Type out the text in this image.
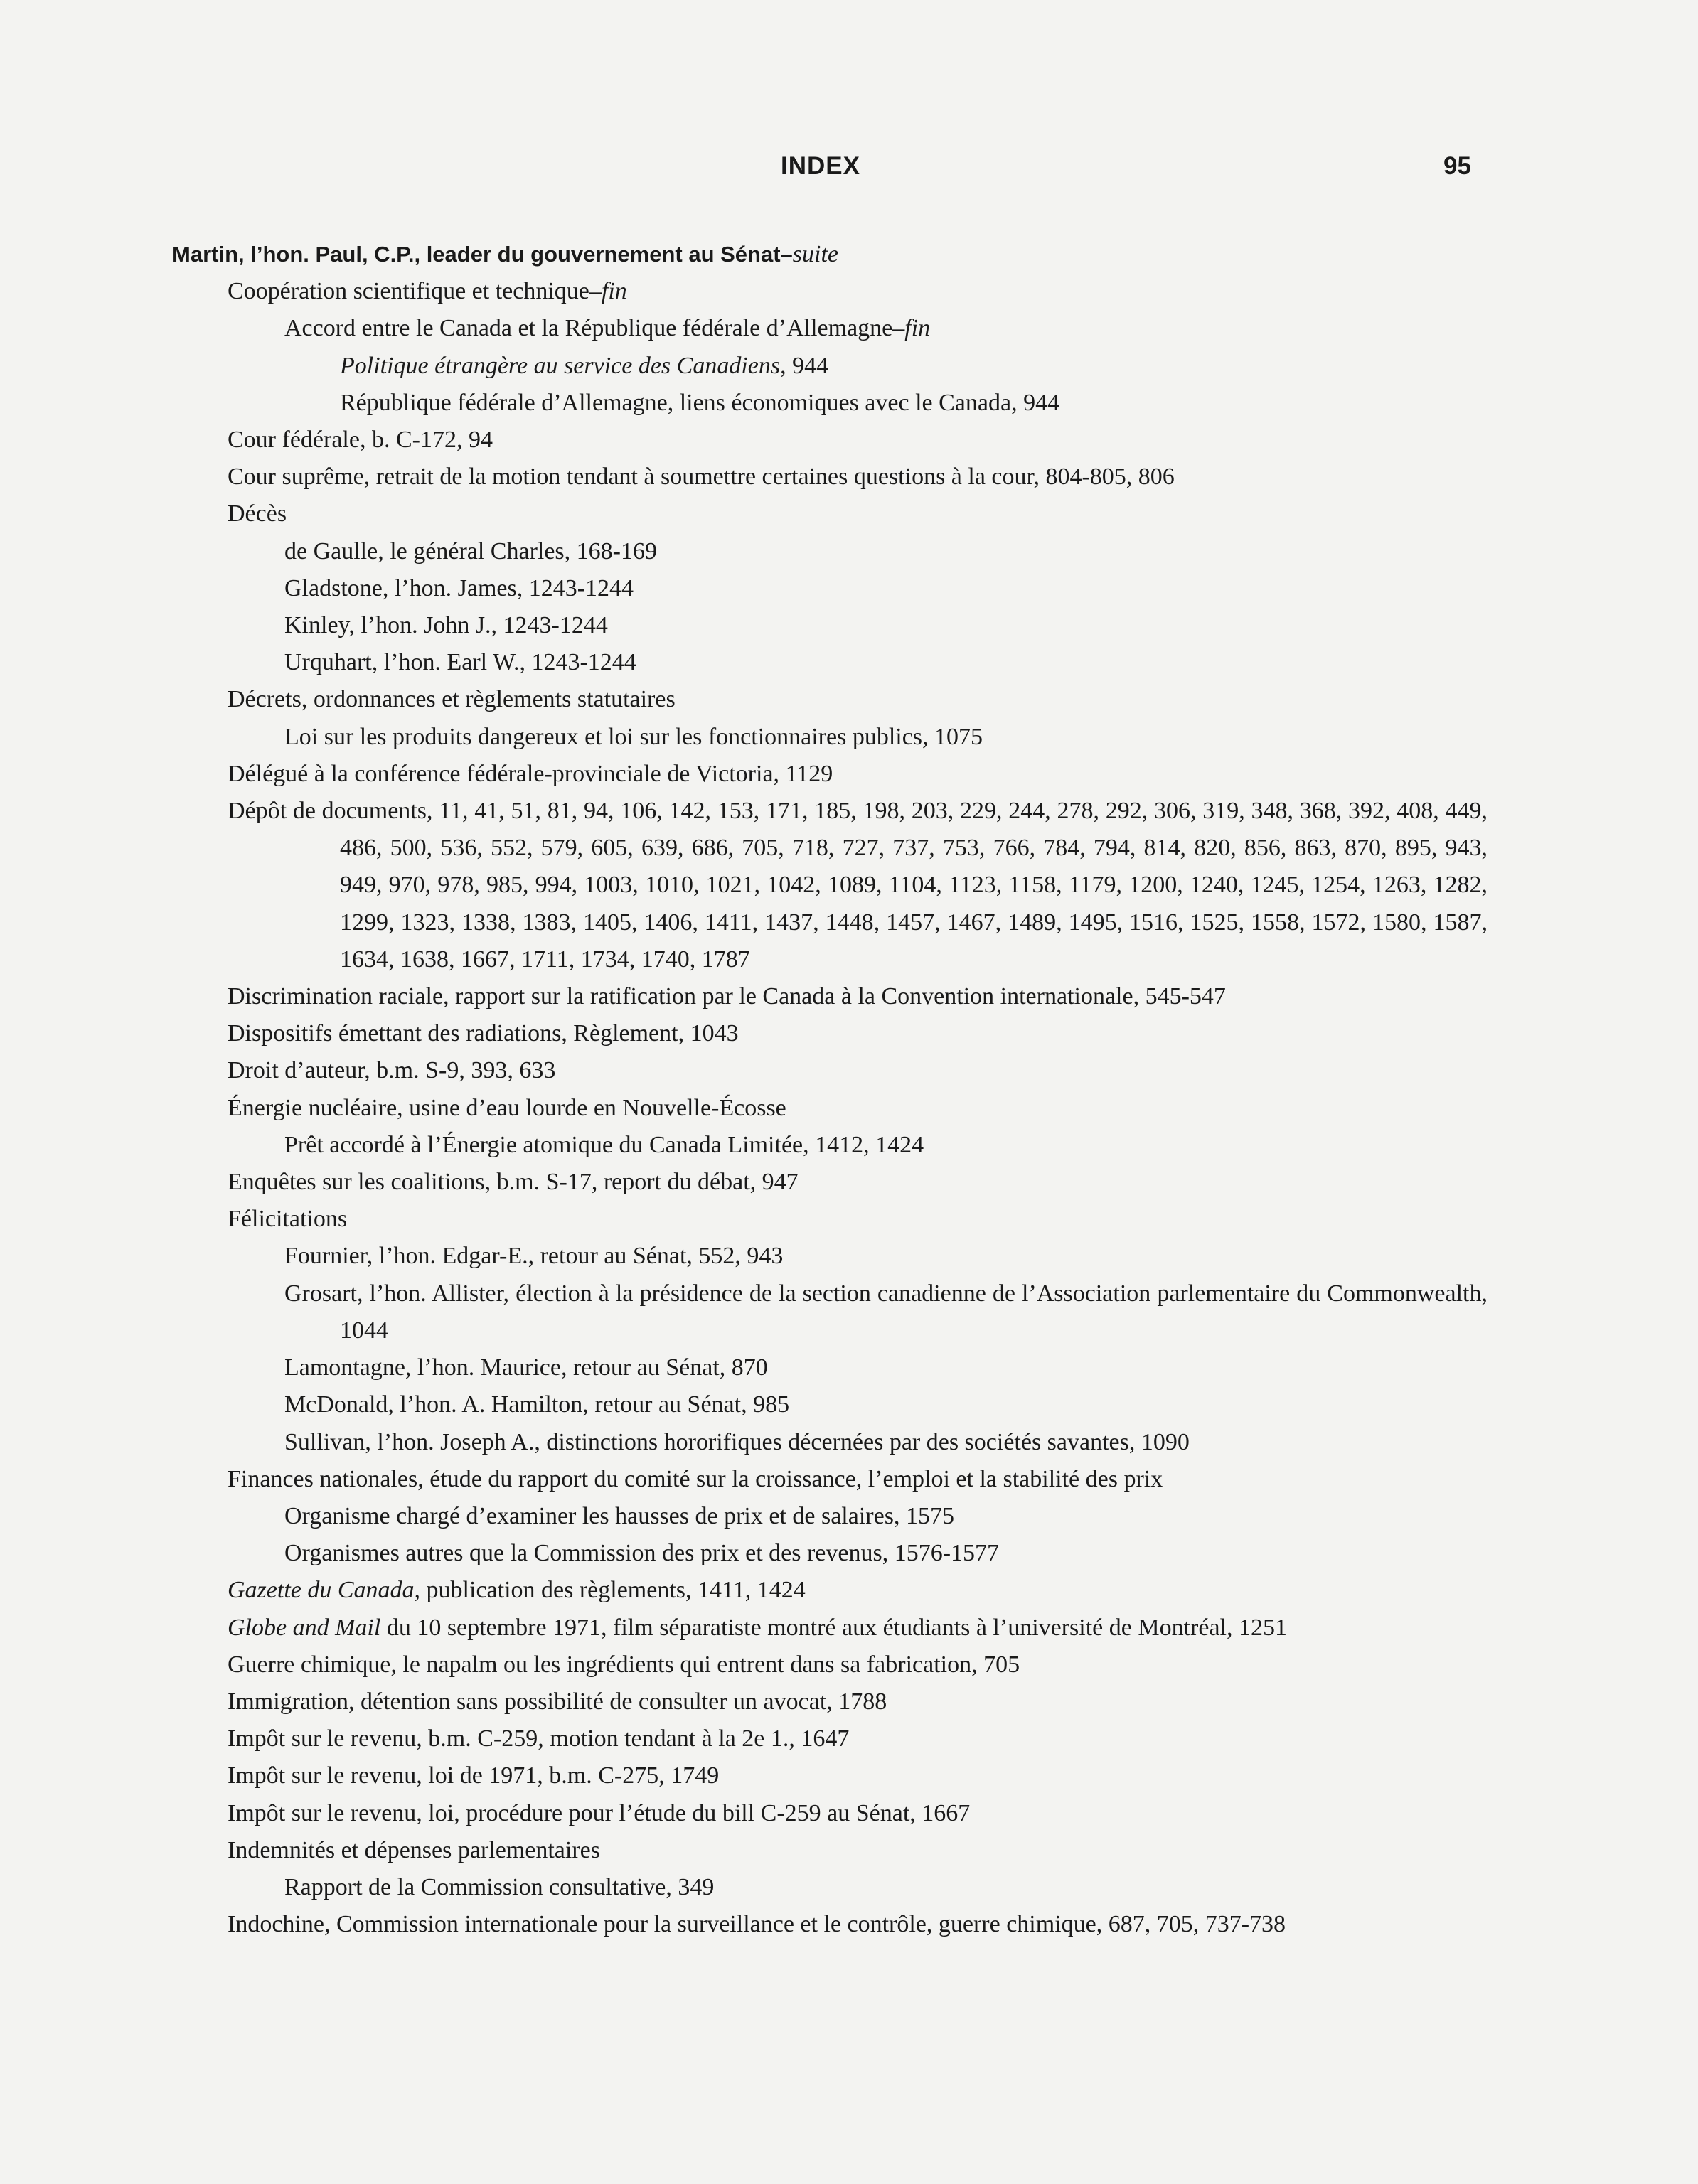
INDEX	95
Martin, l’hon. Paul, C.P., leader du gouvernement au Sénat–suite
Coopération scientifique et technique–fin
Accord entre le Canada et la République fédérale d’Allemagne–fin
Politique étrangère au service des Canadiens, 944
République fédérale d’Allemagne, liens économiques avec le Canada, 944
Cour fédérale, b. C-172, 94
Cour suprême, retrait de la motion tendant à soumettre certaines questions à la cour, 804-805, 806
Décès
de Gaulle, le général Charles, 168-169
Gladstone, l’hon. James, 1243-1244
Kinley, l’hon. John J., 1243-1244
Urquhart, l’hon. Earl W., 1243-1244
Décrets, ordonnances et règlements statutaires
Loi sur les produits dangereux et loi sur les fonctionnaires publics, 1075
Délégué à la conférence fédérale-provinciale de Victoria, 1129
Dépôt de documents, 11, 41, 51, 81, 94, 106, 142, 153, 171, 185, 198, 203, 229, 244, 278, 292, 306, 319, 348, 368, 392, 408, 449, 486, 500, 536, 552, 579, 605, 639, 686, 705, 718, 727, 737, 753, 766, 784, 794, 814, 820, 856, 863, 870, 895, 943, 949, 970, 978, 985, 994, 1003, 1010, 1021, 1042, 1089, 1104, 1123, 1158, 1179, 1200, 1240, 1245, 1254, 1263, 1282, 1299, 1323, 1338, 1383, 1405, 1406, 1411, 1437, 1448, 1457, 1467, 1489, 1495, 1516, 1525, 1558, 1572, 1580, 1587, 1634, 1638, 1667, 1711, 1734, 1740, 1787
Discrimination raciale, rapport sur la ratification par le Canada à la Convention internationale, 545-547
Dispositifs émettant des radiations, Règlement, 1043
Droit d’auteur, b.m. S-9, 393, 633
Énergie nucléaire, usine d’eau lourde en Nouvelle-Écosse
Prêt accordé à l’Énergie atomique du Canada Limitée, 1412, 1424
Enquêtes sur les coalitions, b.m. S-17, report du débat, 947
Félicitations
Fournier, l’hon. Edgar-E., retour au Sénat, 552, 943
Grosart, l’hon. Allister, élection à la présidence de la section canadienne de l’Association parlementaire du Commonwealth, 1044
Lamontagne, l’hon. Maurice, retour au Sénat, 870
McDonald, l’hon. A. Hamilton, retour au Sénat, 985
Sullivan, l’hon. Joseph A., distinctions hororifiques décernées par des sociétés savantes, 1090
Finances nationales, étude du rapport du comité sur la croissance, l’emploi et la stabilité des prix
Organisme chargé d’examiner les hausses de prix et de salaires, 1575
Organismes autres que la Commission des prix et des revenus, 1576-1577
Gazette du Canada, publication des règlements, 1411, 1424
Globe and Mail du 10 septembre 1971, film séparatiste montré aux étudiants à l’université de Montréal, 1251
Guerre chimique, le napalm ou les ingrédients qui entrent dans sa fabrication, 705
Immigration, détention sans possibilité de consulter un avocat, 1788
Impôt sur le revenu, b.m. C-259, motion tendant à la 2e 1., 1647
Impôt sur le revenu, loi de 1971, b.m. C-275, 1749
Impôt sur le revenu, loi, procédure pour l’étude du bill C-259 au Sénat, 1667
Indemnités et dépenses parlementaires
Rapport de la Commission consultative, 349
Indochine, Commission internationale pour la surveillance et le contrôle, guerre chimique, 687, 705, 737-738
